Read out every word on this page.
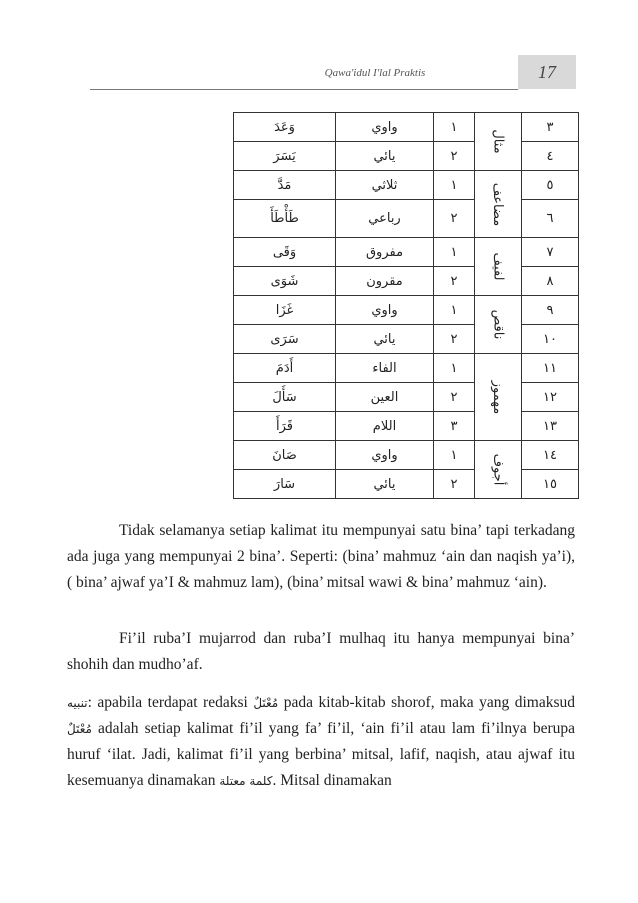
Qawa'idul I'lal Praktis	17
وَعَدَ	واوي	١	مثال	٣
يَسَرَ	يائي	٢		٤
مَدَّ	ثلاثي	١	مضاعف	٥
طَأْطَأَ	رباعي	٢		٦
وَقَى	مفروق	١	لفيف	٧
شَوَى	مقرون	٢		٨
غَزَا	واوي	١	ناقص	٩
سَرَى	يائي	٢		١٠
أَدَمَ	الفاء	١	مهموز	١١
سَأَلَ	العين	٢		١٢
قَرَأَ	اللام	٣		١٣
صَانَ	واوي	١	أجوف	١٤
سَارَ	يائي	٢		١٥
Tidak selamanya setiap kalimat itu mempunyai satu bina’ tapi terkadang ada juga yang mempunyai 2 bina’. Seperti: (bina’ mahmuz ‘ain dan naqish ya’i), ( bina’ ajwaf ya’I & mahmuz lam), (bina’ mitsal wawi & bina’ mahmuz ‘ain).
Fi’il ruba’I mujarrod dan ruba’I mulhaq itu hanya mempunyai bina’ shohih dan mudho’af.
تنبيه: apabila terdapat redaksi مُعْتَلٌ pada kitab-kitab shorof, maka yang dimaksud مُعْتَلٌ adalah setiap kalimat fi’il yang fa’ fi’il, ‘ain fi’il atau lam fi’ilnya berupa huruf ‘ilat. Jadi, kalimat fi’il yang berbina’ mitsal, lafif, naqish, atau ajwaf itu kesemuanya dinamakan كلمة معتلة. Mitsal dinamakan
